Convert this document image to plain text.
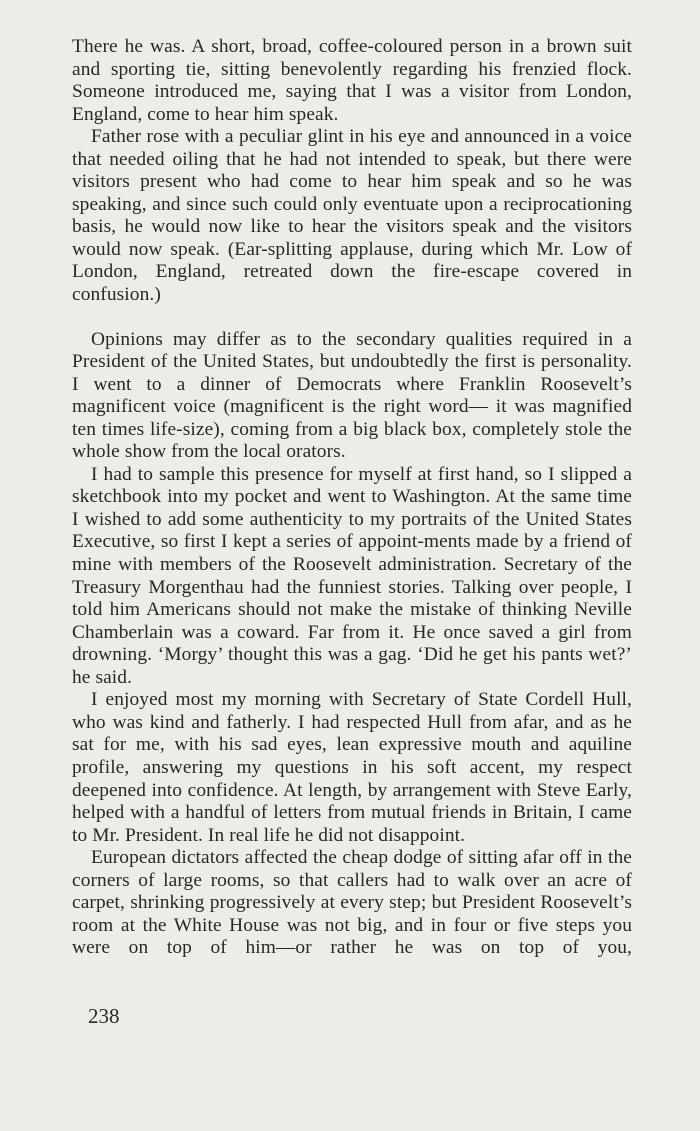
There he was. A short, broad, coffee-coloured person in a brown suit and sporting tie, sitting benevolently regarding his frenzied flock. Someone introduced me, saying that I was a visitor from London, England, come to hear him speak.

Father rose with a peculiar glint in his eye and announced in a voice that needed oiling that he had not intended to speak, but there were visitors present who had come to hear him speak and so he was speaking, and since such could only eventuate upon a reciprocationing basis, he would now like to hear the visitors speak and the visitors would now speak. (Ear-splitting applause, during which Mr. Low of London, England, retreated down the fire-escape covered in confusion.)

Opinions may differ as to the secondary qualities required in a President of the United States, but undoubtedly the first is personality. I went to a dinner of Democrats where Franklin Roosevelt’s magnificent voice (magnificent is the right word— it was magnified ten times life-size), coming from a big black box, completely stole the whole show from the local orators.

I had to sample this presence for myself at first hand, so I slipped a sketchbook into my pocket and went to Washington. At the same time I wished to add some authenticity to my portraits of the United States Executive, so first I kept a series of appoint-ments made by a friend of mine with members of the Roosevelt administration. Secretary of the Treasury Morgenthau had the funniest stories. Talking over people, I told him Americans should not make the mistake of thinking Neville Chamberlain was a coward. Far from it. He once saved a girl from drowning. ‘Morgy’ thought this was a gag. ‘Did he get his pants wet?’ he said.

I enjoyed most my morning with Secretary of State Cordell Hull, who was kind and fatherly. I had respected Hull from afar, and as he sat for me, with his sad eyes, lean expressive mouth and aquiline profile, answering my questions in his soft accent, my respect deepened into confidence. At length, by arrangement with Steve Early, helped with a handful of letters from mutual friends in Britain, I came to Mr. President. In real life he did not disappoint.

European dictators affected the cheap dodge of sitting afar off in the corners of large rooms, so that callers had to walk over an acre of carpet, shrinking progressively at every step; but President Roosevelt’s room at the White House was not big, and in four or five steps you were on top of him—or rather he was on top of you,

238
